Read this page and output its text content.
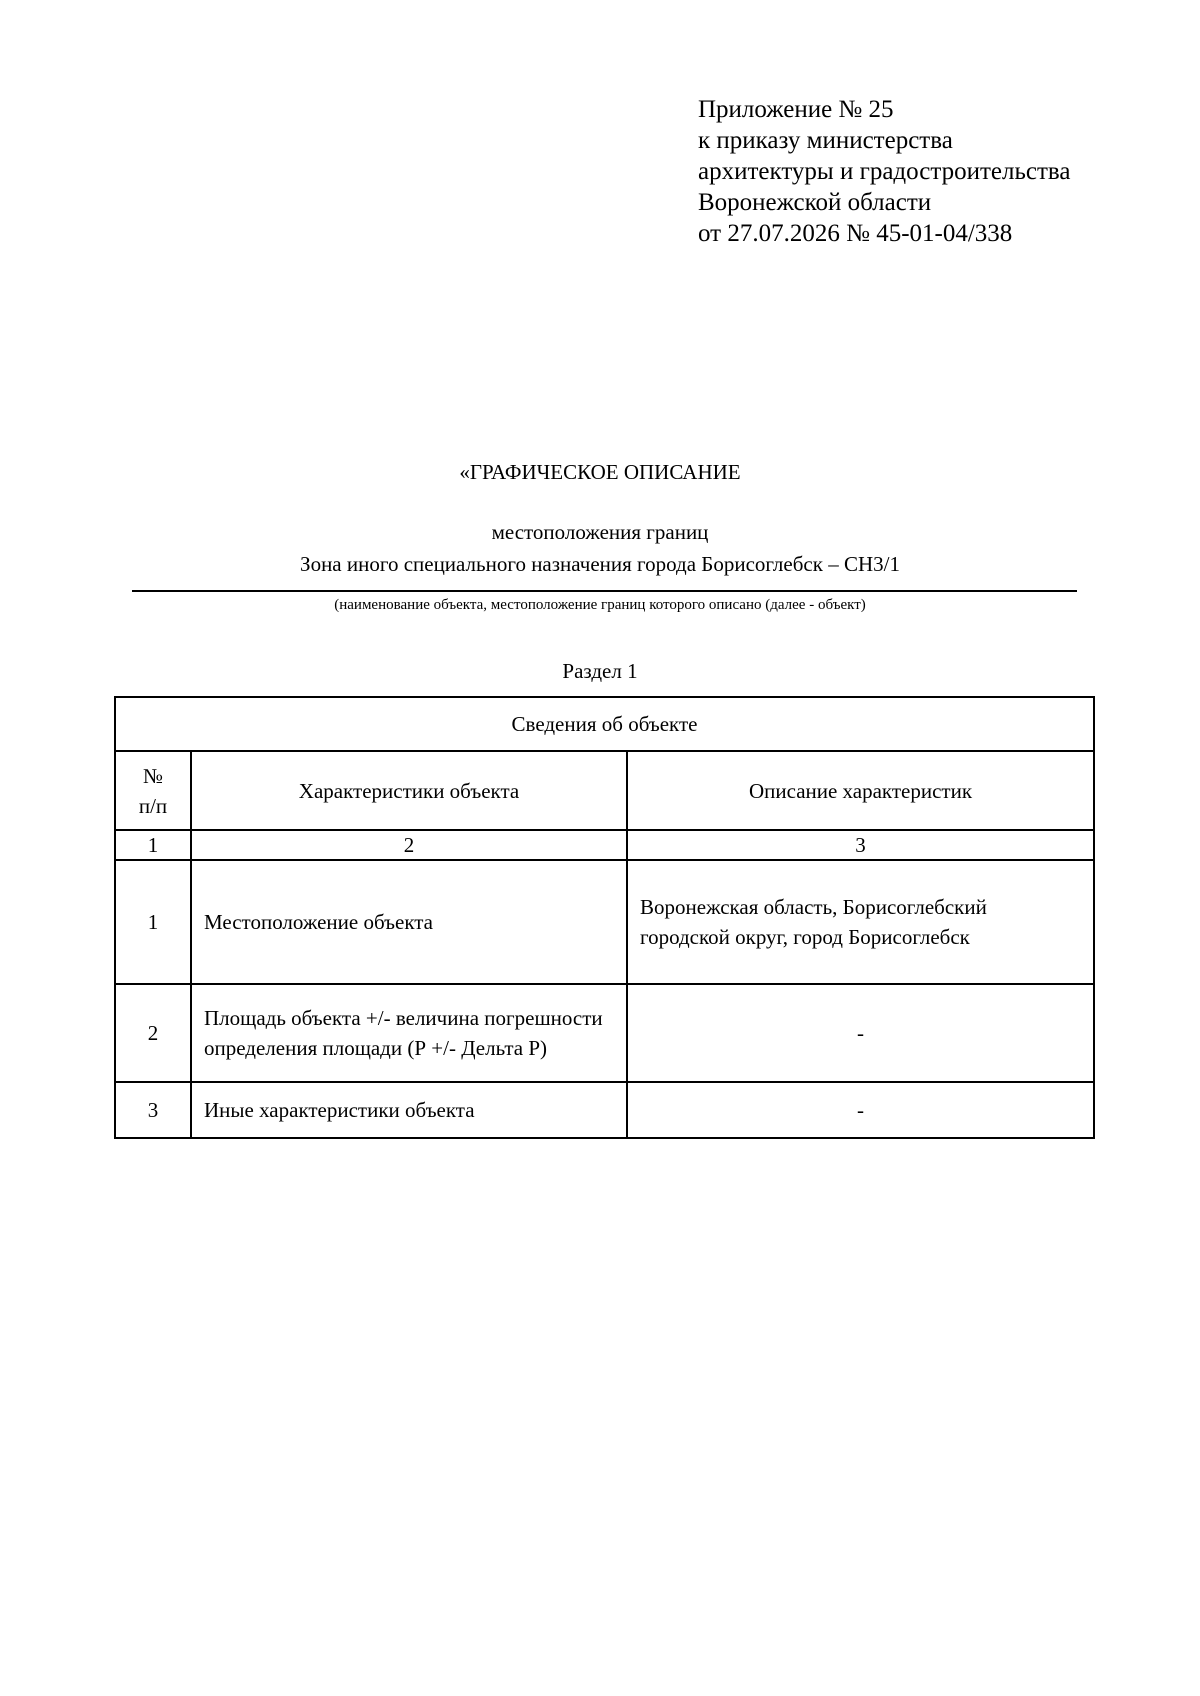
Приложение № 25
к приказу министерства
архитектуры и градостроительства
Воронежской области
от 27.07.2026 № 45-01-04/338
«ГРАФИЧЕСКОЕ ОПИСАНИЕ
местоположения границ
Зона иного специального назначения города Борисоглебск – СН3/1
(наименование объекта, местоположение границ которого описано (далее - объект)
Раздел 1
Сведения об объекте		

№
п/п	Характеристики объекта	Описание характеристик
1	2	3
1	Местоположение объекта	Воронежская область, Борисоглебский городской округ, город Борисоглебск
2	Площадь объекта +/- величина погрешности определения площади (Р +/- Дельта Р)	-
3	Иные характеристики объекта	-
